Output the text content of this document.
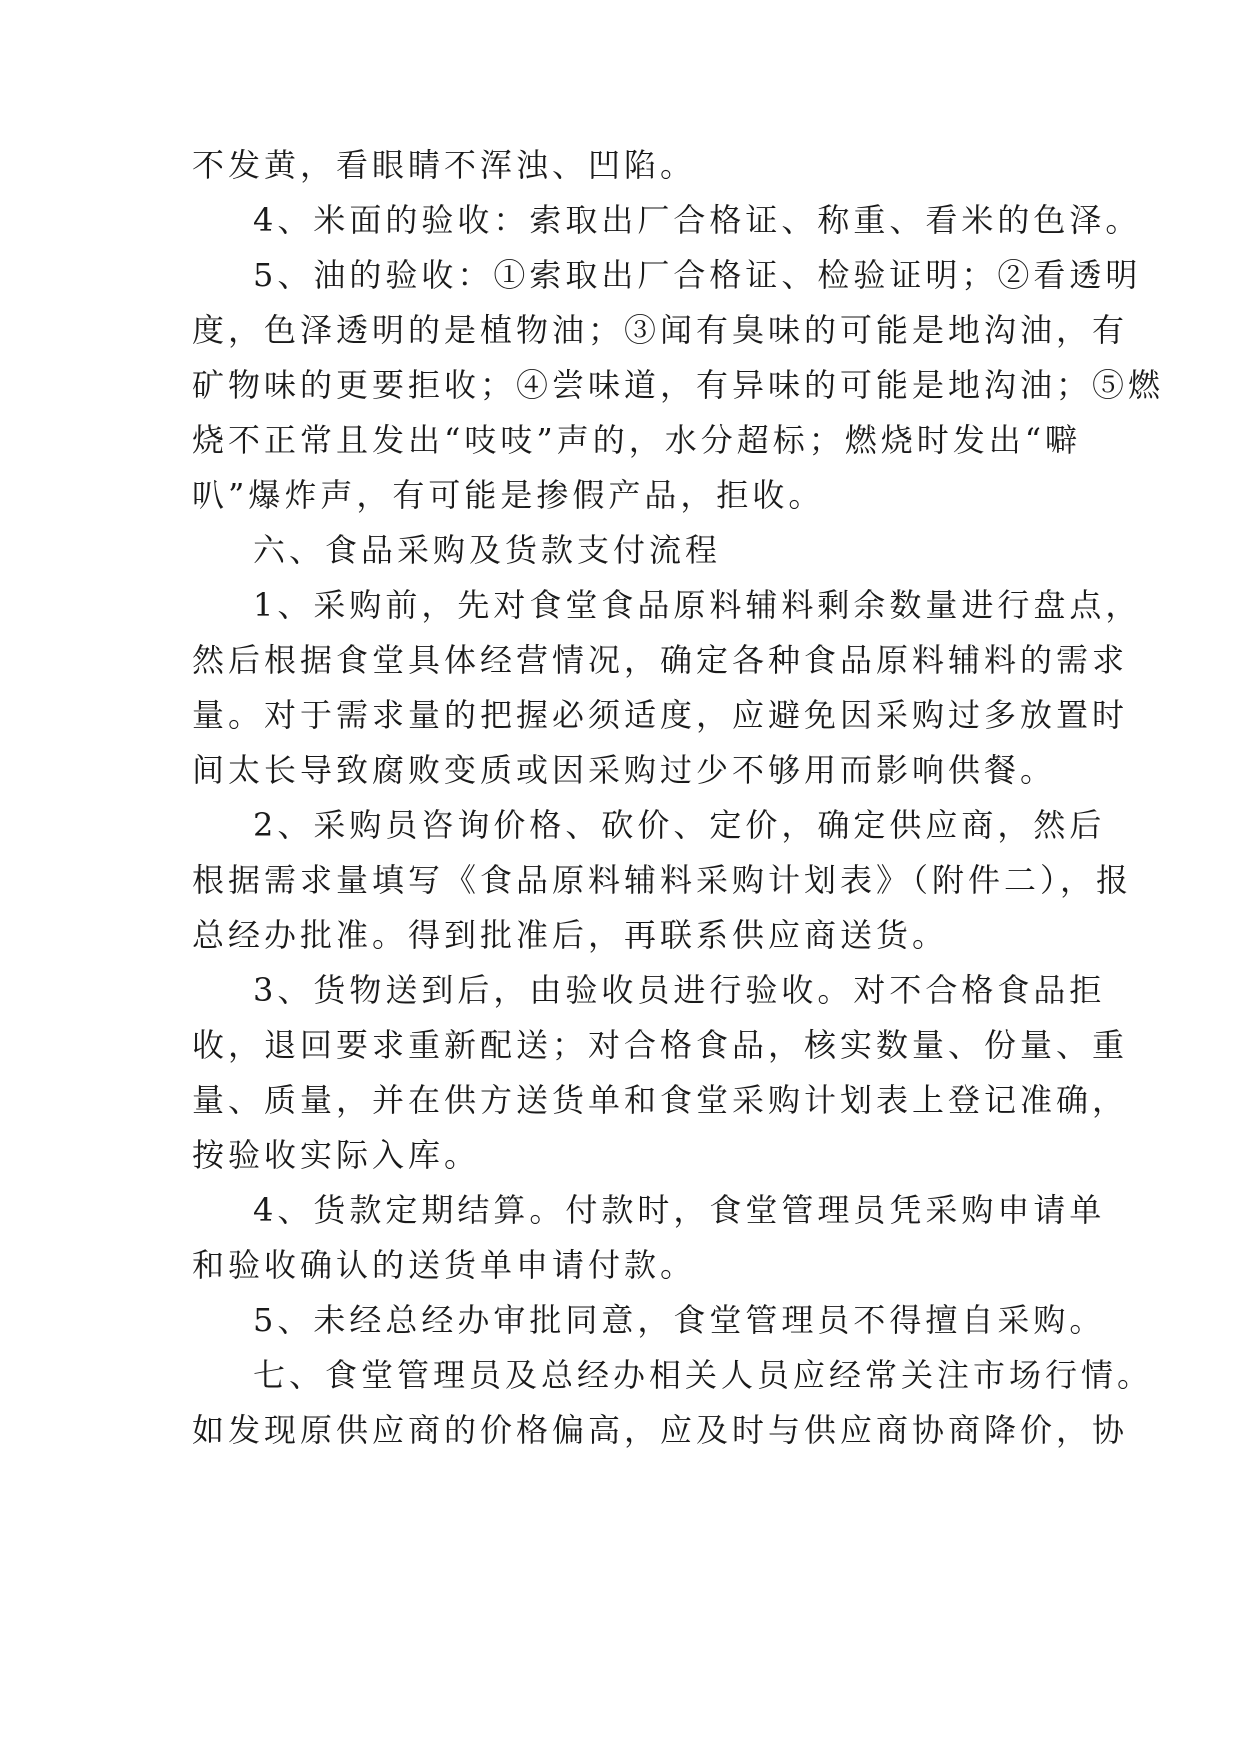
不发黄，看眼睛不浑浊、凹陷。
4、米面的验收：索取出厂合格证、称重、看米的色泽。
5、油的验收：①索取出厂合格证、检验证明；②看透明
度，色泽透明的是植物油；③闻有臭味的可能是地沟油，有
矿物味的更要拒收；④尝味道，有异味的可能是地沟油；⑤燃
烧不正常且发出“吱吱”声的，水分超标；燃烧时发出“噼
叭”爆炸声，有可能是掺假产品，拒收。
六、食品采购及货款支付流程
1、采购前，先对食堂食品原料辅料剩余数量进行盘点，
然后根据食堂具体经营情况，确定各种食品原料辅料的需求
量。对于需求量的把握必须适度，应避免因采购过多放置时
间太长导致腐败变质或因采购过少不够用而影响供餐。
2、采购员咨询价格、砍价、定价，确定供应商，然后
根据需求量填写《食品原料辅料采购计划表》（附件二），报
总经办批准。得到批准后，再联系供应商送货。
3、货物送到后，由验收员进行验收。对不合格食品拒
收，退回要求重新配送；对合格食品，核实数量、份量、重
量、质量，并在供方送货单和食堂采购计划表上登记准确，
按验收实际入库。
4、货款定期结算。付款时，食堂管理员凭采购申请单
和验收确认的送货单申请付款。
5、未经总经办审批同意，食堂管理员不得擅自采购。
七、食堂管理员及总经办相关人员应经常关注市场行情。
如发现原供应商的价格偏高，应及时与供应商协商降价，协
